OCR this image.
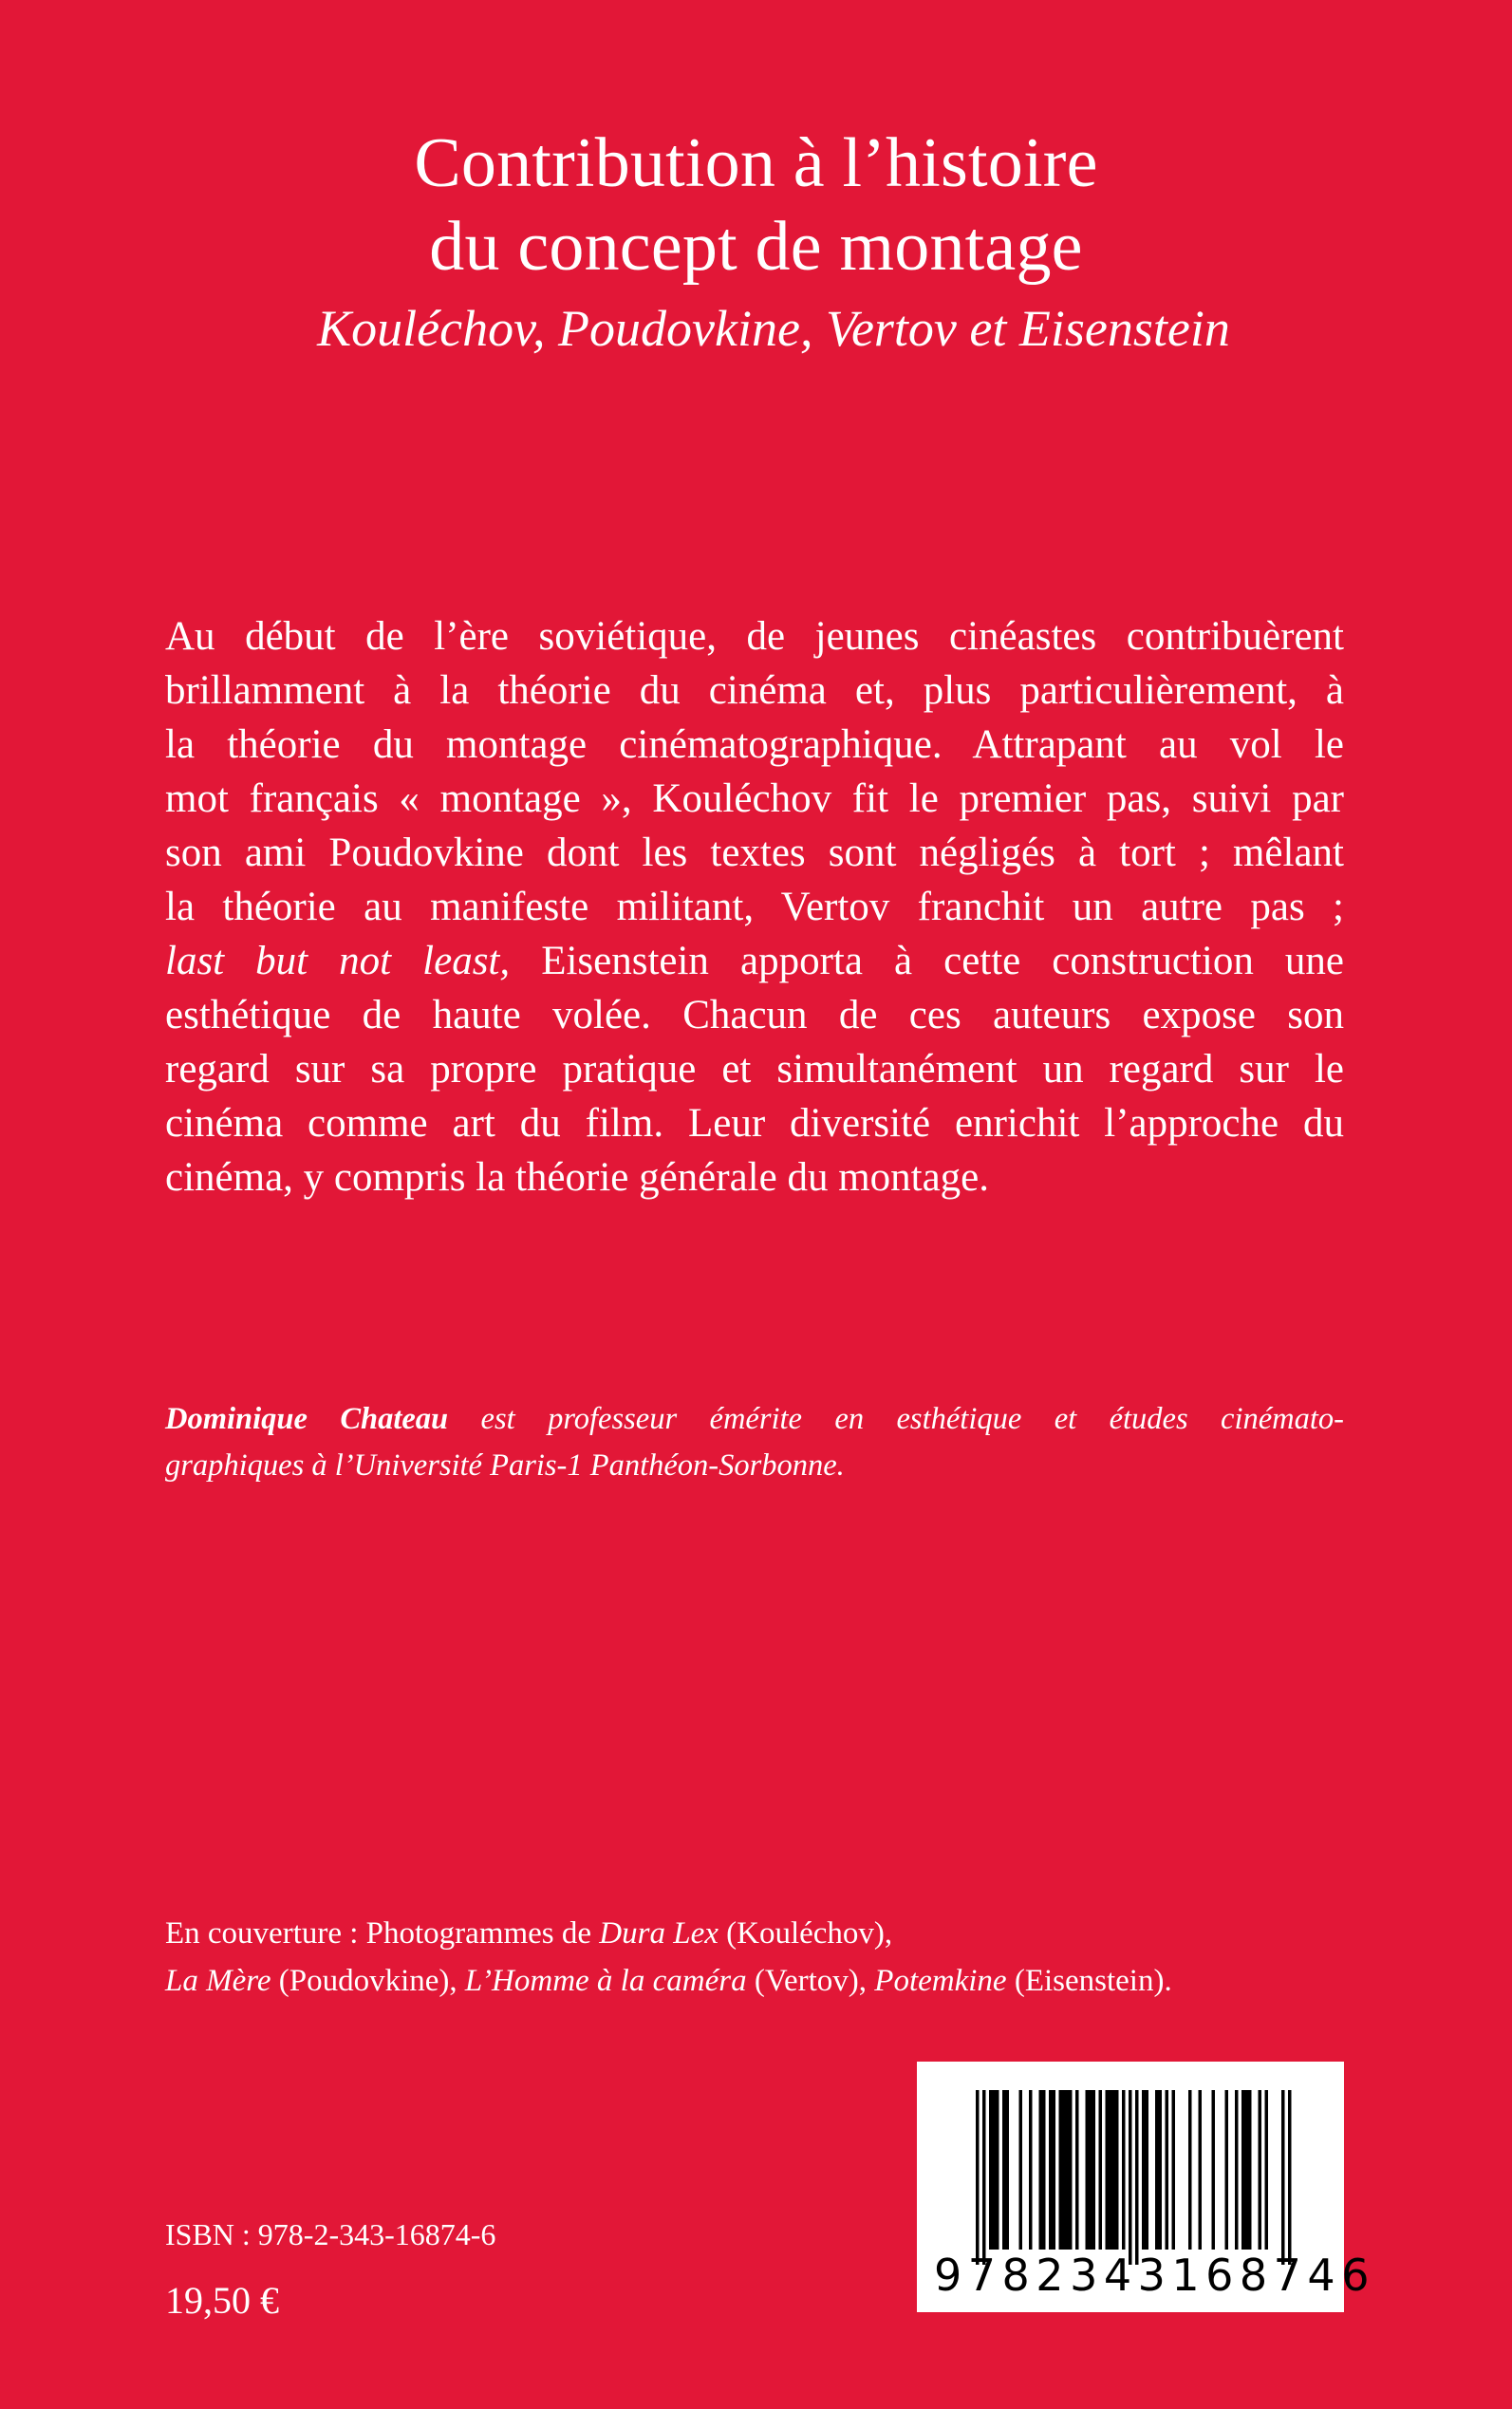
Contribution à l’histoire
du concept de montage
Kouléchov, Poudovkine, Vertov et Eisenstein
Au début de l’ère soviétique, de jeunes cinéastes contribuèrent
brillamment à la théorie du cinéma et, plus particulièrement, à
la théorie du montage cinématographique. Attrapant au vol le
mot français « montage », Kouléchov fit le premier pas, suivi par
son ami Poudovkine dont les textes sont négligés à tort ; mêlant
la théorie au manifeste militant, Vertov franchit un autre pas ;
last but not least, Eisenstein apporta à cette construction une
esthétique de haute volée. Chacun de ces auteurs expose son
regard sur sa propre pratique et simultanément un regard sur le
cinéma comme art du film. Leur diversité enrichit l’approche du
cinéma, y compris la théorie générale du montage.
Dominique Chateau est professeur émérite en esthétique et études cinémato-
graphiques à l’Université Paris-1 Panthéon-Sorbonne.
En couverture : Photogrammes de Dura Lex (Kouléchov),
La Mère (Poudovkine), L’Homme à la caméra (Vertov), Potemkine (Eisenstein).
ISBN : 978-2-343-16874-6
19,50 €	9782343168746
